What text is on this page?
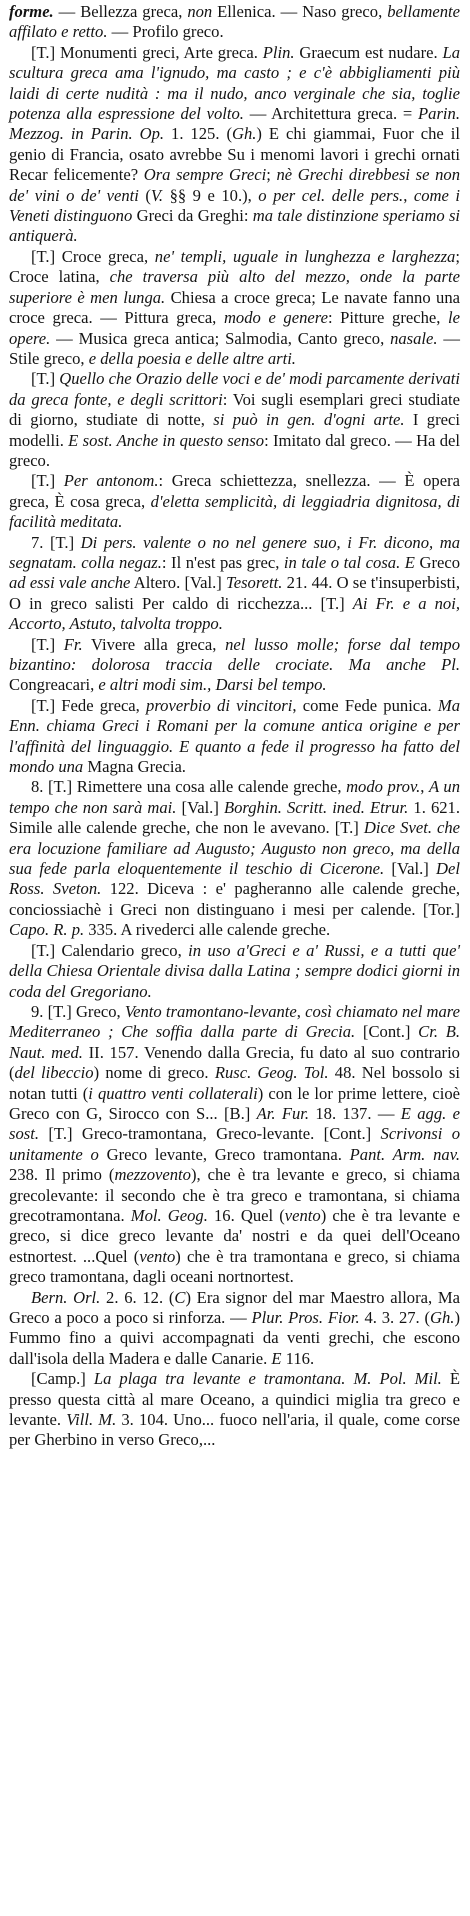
forme. — Bellezza greca, non Ellenica. — Naso greco, bellamente affilato e retto. — Profilo greco.

[T.] Monumenti greci, Arte greca. Plin. Graecum est nudare. La scultura greca ama l'ignudo, ma casto ; e c'è abbigliamenti più laidi di certe nudità : ma il nudo, anco verginale che sia, toglie potenza alla espressione del volto. — Architettura greca. = Parin. Mezzog. in Parin. Op. 1. 125. (Gh.) E chi giammai, Fuor che il genio di Francia, osato avrebbe Su i menomi lavori i grechi ornati Recar felicemente? Ora sempre Greci; nè Grechi direbbesi se non de' vini o de' venti (V. §§ 9 e 10.), o per cel. delle pers., come i Veneti distinguono Greci da Greghi: ma tale distinzione speriamo si antiquerà.

[T.] Croce greca, ne' templi, uguale in lunghezza e larghezza; Croce latina, che traversa più alto del mezzo, onde la parte superiore è men lunga. Chiesa a croce greca; Le navate fanno una croce greca. — Pittura greca, modo e genere: Pitture greche, le opere. — Musica greca antica; Salmodia, Canto greco, nasale. — Stile greco, e della poesia e delle altre arti.

[T.] Quello che Orazio delle voci e de' modi parcamente derivati da greca fonte, e degli scrittori: Voi sugli esemplari greci studiate di giorno, studiate di notte, si può in gen. d'ogni arte. I greci modelli. E sost. Anche in questo senso: Imitato dal greco. — Ha del greco.

[T.] Per antonom.: Greca schiettezza, snellezza. — È opera greca, È cosa greca, d'eletta semplicità, di leggiadria dignitosa, di facilità meditata.

7. [T.] Di pers. valente o no nel genere suo, i Fr. dicono, ma segnatam. colla negaz.: Il n'est pas grec, in tale o tal cosa. E Greco ad essi vale anche Altero. [Val.] Tesorett. 21. 44. O se t'insuperbisti, O in greco salisti Per caldo di ricchezza... [T.] Ai Fr. e a noi, Accorto, Astuto, talvolta troppo.

[T.] Fr. Vivere alla greca, nel lusso molle; forse dal tempo bizantino: dolorosa traccia delle crociate. Ma anche Pl. Congreacari, e altri modi sim., Darsi bel tempo.

[T.] Fede greca, proverbio di vincitori, come Fede punica. Ma Enn. chiama Greci i Romani per la comune antica origine e per l'affinità del linguaggio. E quanto a fede il progresso ha fatto del mondo una Magna Grecia.

8. [T.] Rimettere una cosa alle calende greche, modo prov., A un tempo che non sarà mai. [Val.] Borghin. Scritt. ined. Etrur. 1. 621. Simile alle calende greche, che non le avevano. [T.] Dice Svet. che era locuzione familiare ad Augusto; Augusto non greco, ma della sua fede parla eloquentemente il teschio di Cicerone. [Val.] Del Ross. Sveton. 122. Diceva : e' pagheranno alle calende greche, conciossiachè i Greci non distinguano i mesi per calende. [Tor.] Capo. R. p. 335. A rivederci alle calende greche.

[T.] Calendario greco, in uso a'Greci e a' Russi, e a tutti que' della Chiesa Orientale divisa dalla Latina ; sempre dodici giorni in coda del Gregoriano.

9. [T.] Greco, Vento tramontano-levante, così chiamato nel mare Mediterraneo ; Che soffia dalla parte di Grecia. [Cont.] Cr. B. Naut. med. II. 157. Venendo dalla Grecia, fu dato al suo contrario (del libeccio) nome di greco. Rusc. Geog. Tol. 48. Nel bossolo si notan tutti (i quattro venti collaterali) con le lor prime lettere, cioè Greco con G, Sirocco con S... [B.] Ar. Fur. 18. 137. — E agg. e sost. [T.] Greco-tramontana, Greco-levante. [Cont.] Scrivonsi o unitamente o Greco levante, Greco tramontana. Pant. Arm. nav. 238. Il primo (mezzovento), che è tra levante e greco, si chiama grecolevante: il secondo che è tra greco e tramontana, si chiama grecotramontana. Mol. Geog. 16. Quel (vento) che è tra levante e greco, si dice greco levante da' nostri e da quei dell'Oceano estnortest. ...Quel (vento) che è tra tramontana e greco, si chiama greco tramontana, dagli oceani nortnortest.

Bern. Orl. 2. 6. 12. (C) Era signor del mar Maestro allora, Ma Greco a poco a poco si rinforza. — Plur. Pros. Fior. 4. 3. 27. (Gh.) Fummo fino a quivi accompagnati da venti grechi, che escono dall'isola della Madera e dalle Canarie. E 116.

[Camp.] La plaga tra levante e tramontana. M. Pol. Mil. È presso questa città al mare Oceano, a quindici miglia tra greco e levante. Vill. M. 3. 104. Uno... fuoco nell'aria, il quale, come corse per Gherbino in verso Greco,...
